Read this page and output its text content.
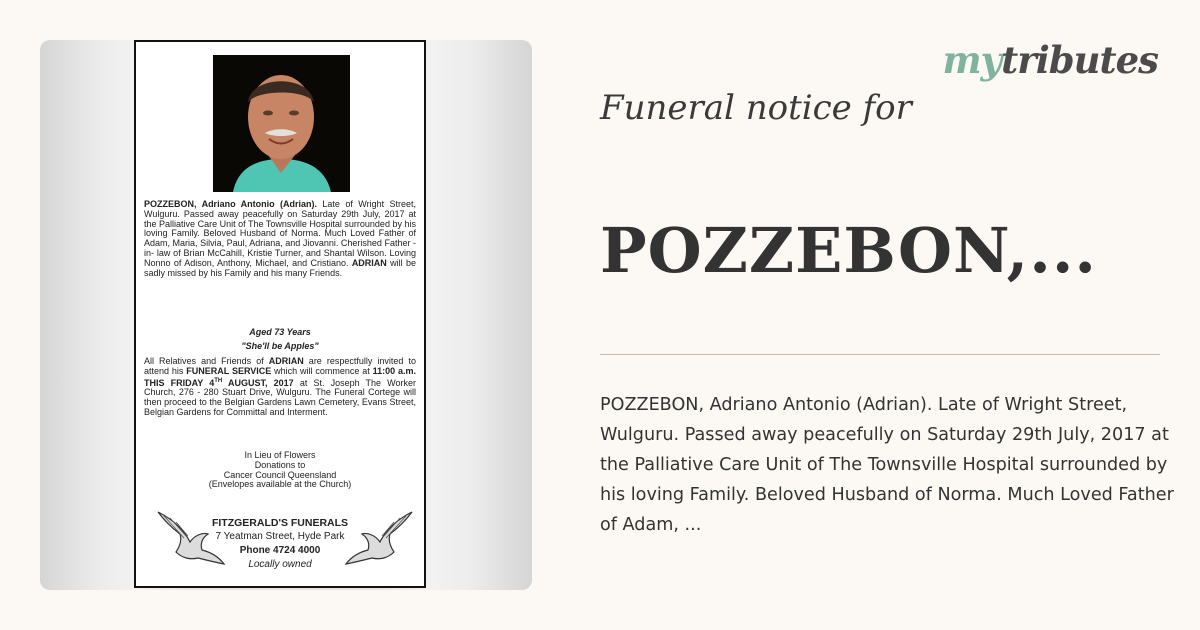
POZZEBON, Adriano Antonio (Adrian). Late of Wright Street, Wulguru. Passed away peacefully on Saturday 29th July, 2017 at the Palliative Care Unit of The Townsville Hospital surrounded by his loving Family. Beloved Husband of Norma. Much Loved Father of Adam, Maria, Silvia, Paul, Adriana, and Jiovanni. Cherished Father -in- law of Brian McCahill, Kristie Turner, and Shantal Wilson. Loving Nonno of Adison, Anthony, Michael, and Cristiano. ADRIAN will be sadly missed by his Family and his many Friends.
Aged 73 Years
"She'll be Apples"
All Relatives and Friends of ADRIAN are respectfully invited to attend his FUNERAL SERVICE which will commence at 11:00 a.m. THIS FRIDAY 4TH AUGUST, 2017 at St. Joseph The Worker Church, 276 - 280 Stuart Drive, Wulguru. The Funeral Cortege will then proceed to the Belgian Gardens Lawn Cemetery, Evans Street, Belgian Gardens for Committal and Interment.
In Lieu of Flowers
Donations to
Cancer Council Queensland
(Envelopes available at the Church)
FITZGERALD'S FUNERALS
7 Yeatman Street, Hyde Park
Phone 4724 4000
Locally owned
mytributes
Funeral notice for
POZZEBON,...
POZZEBON, Adriano Antonio (Adrian). Late of Wright Street, Wulguru. Passed away peacefully on Saturday 29th July, 2017 at the Palliative Care Unit of The Townsville Hospital surrounded by his loving Family. Beloved Husband of Norma. Much Loved Father of Adam, ...
